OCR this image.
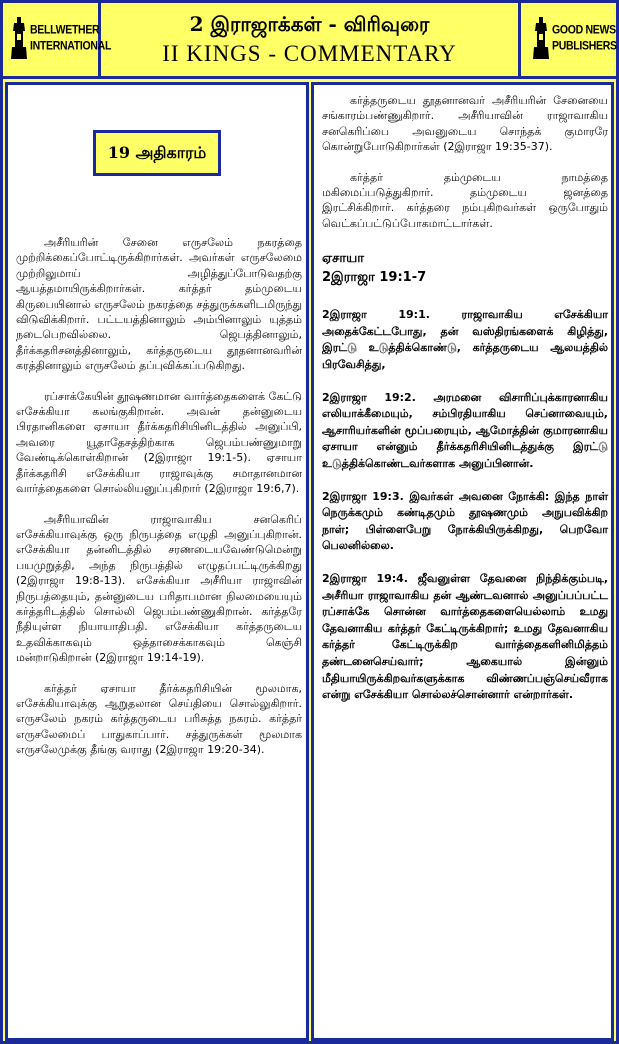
BELLWETHER
INTERNATIONAL
2 இராஜாக்கள் - விரிவுரை
II KINGS - COMMENTARY
GOOD NEWS
PUBLISHERS
19 அதிகாரம்

அசீரியரின் சேனை எருசலேம் நகரத்தை முற்றிக்கைப்போட்டிருக்கிறார்கள். அவர்கள் எருசலேமை முற்றிலுமாய் அழித்துப்போடுவதற்கு ஆயத்தமாயிருக்கிறார்கள். கர்த்தர் தம்முடைய கிருபையினால் எருசலேம் நகரத்தை சத்துருக்களிடமிருந்து விடுவிக்கிறார். பட்டயத்தினாலும் அம்பினாலும் யுத்தம் நடைபெறவில்லை. ஜெபத்தினாலும், தீர்க்கதரிசனத்தினாலும், கர்த்தருடைய தூதனானவரின் கரத்தினாலும் எருசலேம் தப்புவிக்கப்படுகிறது.

ரப்சாக்கேயின் தூஷணமான வார்த்தைகளைக் கேட்டு எசேக்கியா கலங்குகிறான். அவன் தன்னுடைய பிரதானிகளை ஏசாயா தீர்க்கதரிசியினிடத்தில் அனுப்பி, அவரை யூதாதேசத்திற்காக ஜெபம்பண்ணுமாறு வேண்டிக்கொள்கிறான் (2இராஜா 19:1-5). ஏசாயா தீர்க்கதரிசி எசேக்கியா ராஜாவுக்கு சமாதானமான வார்த்தைகளை சொல்லியனுப்புகிறார் (2இராஜா 19:6,7).

அசீரியாவின் ராஜாவாகிய சனகெரிப் எசேக்கியாவுக்கு ஒரு நிருபத்தை எழுதி அனுப்புகிறான். எசேக்கியா தன்னிடத்தில் சரணடையவேண்டுமென்று பயமுறுத்தி, அந்த நிருபத்தில் எழுதப்பட்டிருக்கிறது (2இராஜா 19:8-13). எசேக்கியா அசீரியா ராஜாவின் நிருபத்தையும், தன்னுடைய பரிதாபமான நிலமையையும் கர்த்தரிடத்தில் சொல்லி ஜெபம்பண்ணுகிறான். கர்த்தரே நீதியுள்ள நியாயாதிபதி. எசேக்கியா கர்த்தருடைய உதவிக்காகவும் ஒத்தாசைக்காகவும் கெஞ்சி மன்றாடுகிறான் (2இராஜா 19:14-19).

கர்த்தர் ஏசாயா தீர்க்கதரிசியின் மூலமாக, எசேக்கியாவுக்கு ஆறுதலான செய்தியை சொல்லுகிறார். எருசலேம் நகரம் கர்த்தருடைய பரிசுத்த நகரம். கர்த்தர் எருசலேமைப் பாதுகாப்பார். சத்துருக்கள் மூலமாக எருசலேமுக்கு தீங்கு வராது (2இராஜா 19:20-34).

கர்த்தருடைய தூதனானவர் அசீரியரின் சேனையை சங்காரம்பண்ணுகிறார். அசீரியாவின் ராஜாவாகிய சனகெரிப்பை அவனுடைய சொந்தக் குமாரரே கொன்றுபோடுகிறார்கள் (2இராஜா 19:35-37).

கர்த்தர் தம்முடைய நாமத்தை மகிமைப்படுத்துகிறார். தம்முடைய ஜனத்தை இரட்சிக்கிறார். கர்த்தரை நம்புகிறவர்கள் ஒருபோதும் வெட்கப்பட்டுப்போகமாட்டார்கள்.

ஏசாயா
2இராஜா 19:1-7

2இராஜா 19:1. ராஜாவாகிய எசேக்கியா அதைக்கேட்டபோது, தன் வஸ்திரங்களைக் கிழித்து, இரட்டு உடுத்திக்கொண்டு, கர்த்தருடைய ஆலயத்தில் பிரவேசித்து,

2இராஜா 19:2. அரமனை விசாரிப்புக்காரனாகிய எலியாக்கீமையும், சம்பிரதியாகிய செப்னாவையும், ஆசாரியர்களின் மூப்பரையும், ஆமோத்தின் குமாரனாகிய ஏசாயா என்னும் தீர்க்கதரிசியினிடத்துக்கு இரட்டு உடுத்திக்கொண்டவர்களாக அனுப்பினான்.

2இராஜா 19:3. இவர்கள் அவனை நோக்கி: இந்த நாள் நெருக்கமும் கண்டிதமும் தூஷணமும் அநுபவிக்கிற நாள்; பிள்ளைபேறு நோக்கியிருக்கிறது, பெறவோ பெலனில்லை.

2இராஜா 19:4. ஜீவனுள்ள தேவனை நிந்திக்கும்படி, அசீரியா ராஜாவாகிய தன் ஆண்டவனால் அனுப்பப்பட்ட ரப்சாக்கே சொன்ன வார்த்தைகளையெல்லாம் உமது தேவனாகிய கர்த்தர் கேட்டிருக்கிறார்; உமது தேவனாகிய கர்த்தர் கேட்டிருக்கிற வார்த்தைகளினிமித்தம் தண்டனைசெய்வார்; ஆகையால் இன்னும் மீதியாயிருக்கிறவர்களுக்காக விண்ணப்பஞ்செய்வீராக என்று எசேக்கியா சொல்லச்சொன்னார் என்றார்கள்.
